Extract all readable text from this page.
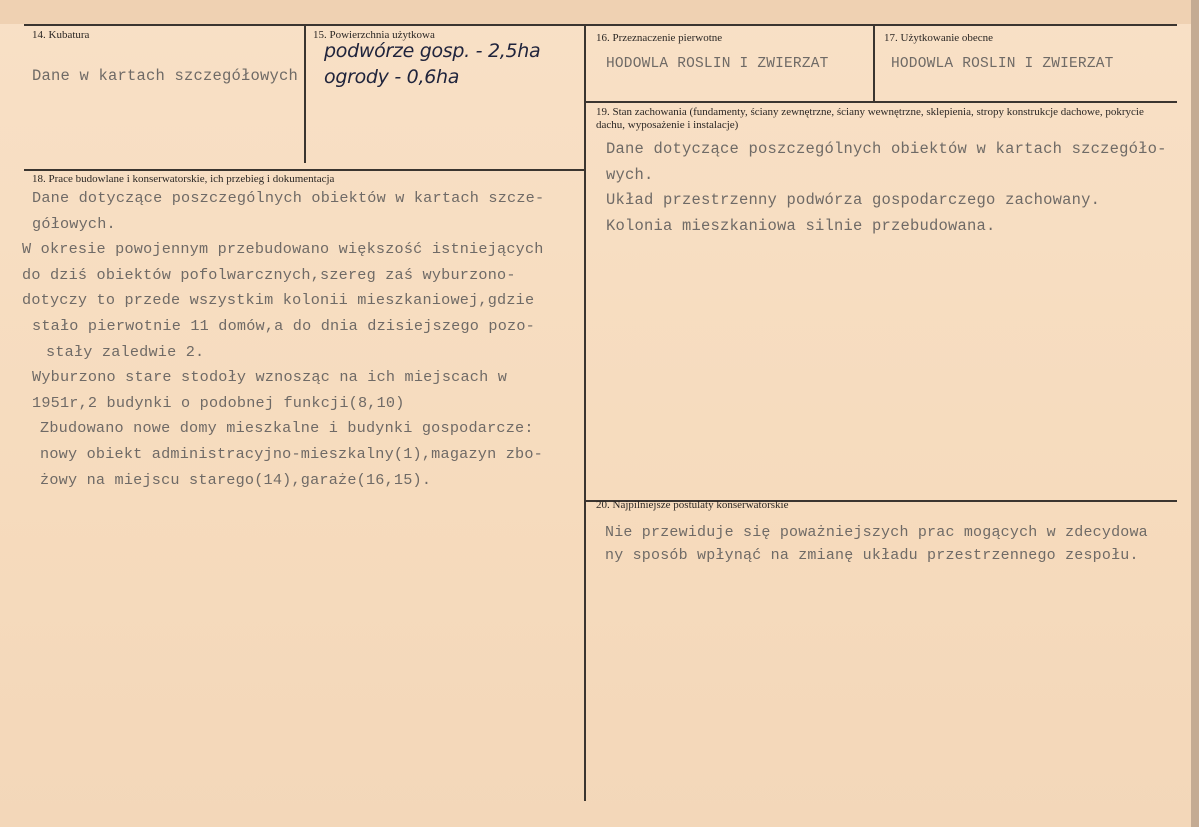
14. Kubatura
Dane w kartach szczegółowych
15. Powierzchnia użytkowa
podwórze gosp. - 2,5ha
ogrody - 0,6ha
16. Przeznaczenie pierwotne
HODOWLA ROSLIN I ZWIERZAT
17. Użytkowanie obecne
HODOWLA ROSLIN I ZWIERZAT
19. Stan zachowania (fundamenty, ściany zewnętrzne, ściany wewnętrzne, sklepienia, stropy konstrukcje dachowe, pokrycie dachu, wyposażenie i instalacje)
Dane dotyczące poszczególnych obiektów w kartach szczegóło-
wych.
Układ przestrzenny podwórza gospodarczego zachowany.
Kolonia mieszkaniowa silnie przebudowana.
18. Prace budowlane i konserwatorskie, ich przebieg i dokumentacja
Dane dotyczące poszczególnych obiektów w kartach szcze-
gółowych.
W okresie powojennym przebudowano większość istniejących
do dziś obiektów pofolwarcznych,szereg zaś wyburzono-
dotyczy to przede wszystkim kolonii mieszkaniowej,gdzie
stało pierwotnie 11 domów,a do dnia dzisiejszego pozo-
stały zaledwie 2.
Wyburzono stare stodoły wznosząc na ich miejscach w
1951r,2 budynki o podobnej funkcji(8,10)
Zbudowano nowe domy mieszkalne i budynki gospodarcze:
nowy obiekt administracyjno-mieszkalny(1),magazyn zbo-
żowy na miejscu starego(14),garaże(16,15).
20. Najpilniejsze postulaty konserwatorskie
Nie przewiduje się poważniejszych prac mogących w zdecydowa
ny sposób wpłynąć na zmianę układu przestrzennego zespołu.
